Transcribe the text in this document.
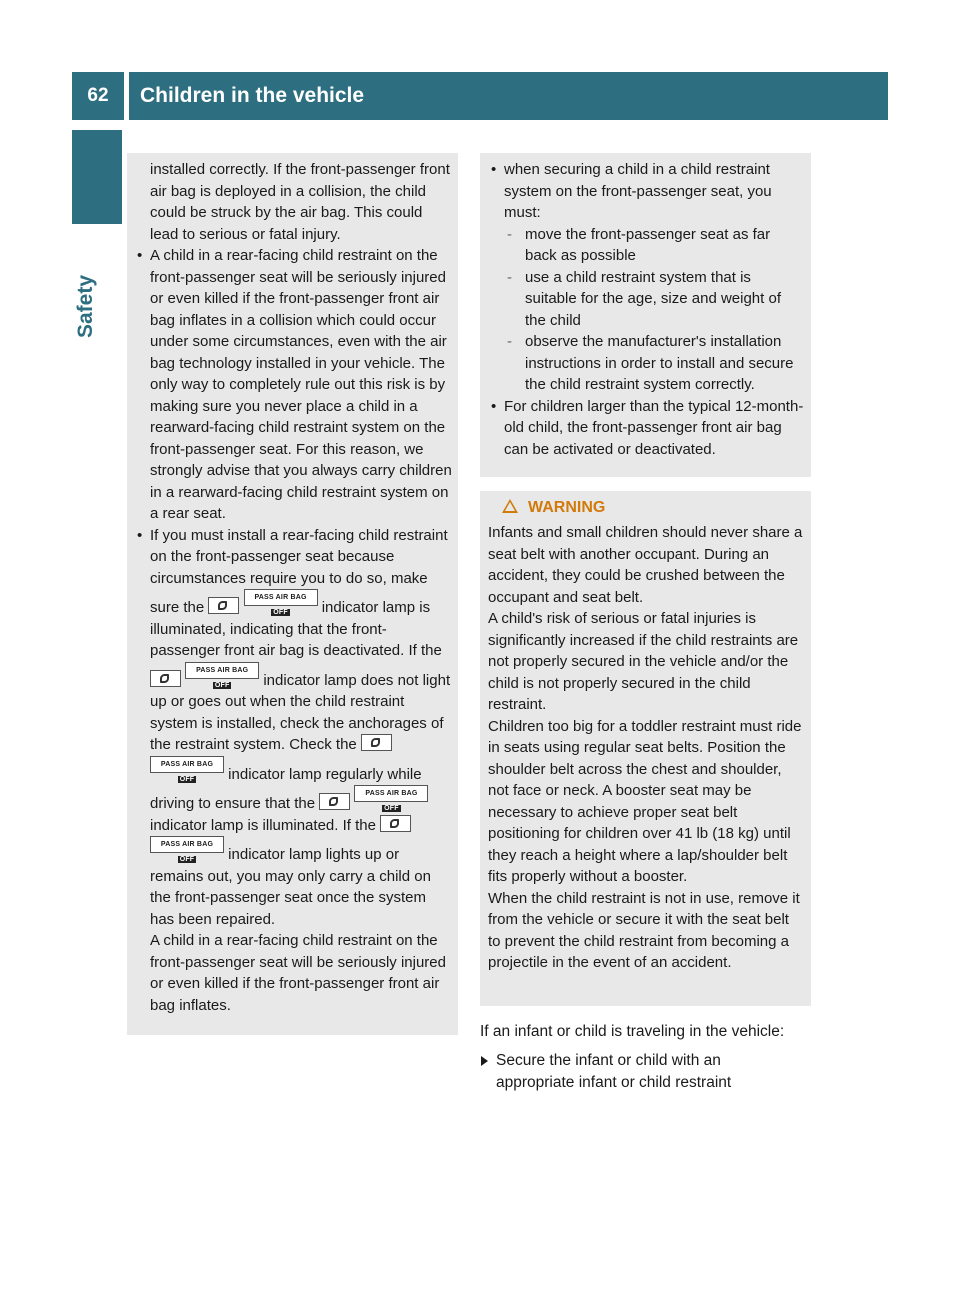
62	Children in the vehicle
Safety

installed correctly. If the front-passenger front air bag is deployed in a collision, the child could be struck by the air bag. This could lead to serious or fatal injury.

• A child in a rear-facing child restraint on the front-passenger seat will be seriously injured or even killed if the front-passenger front air bag inflates in a collision which could occur under some circumstances, even with the air bag technology installed in your vehicle. The only way to completely rule out this risk is by making sure you never place a child in a rearward-facing child restraint system on the front-passenger seat. For this reason, we strongly advise that you always carry children in a rearward-facing child restraint system on a rear seat.

• If you must install a rear-facing child restraint on the front-passenger seat because circumstances require you to do so, make sure the  PASS AIR BAG OFF indicator lamp is illuminated, indicating that the front-passenger front air bag is deactivated. If the  PASS AIR BAG OFF indicator lamp does not light up or goes out when the child restraint system is installed, check the anchorages of the restraint system. Check the  PASS AIR BAG OFF indicator lamp regularly while driving to ensure that the  PASS AIR BAG OFF indicator lamp is illuminated. If the  PASS AIR BAG OFF indicator lamp lights up or remains out, you may only carry a child on the front-passenger seat once the system has been repaired.

A child in a rear-facing child restraint on the front-passenger seat will be seriously injured or even killed if the front-passenger front air bag inflates.

• when securing a child in a child restraint system on the front-passenger seat, you must:

- move the front-passenger seat as far back as possible

- use a child restraint system that is suitable for the age, size and weight of the child

- observe the manufacturer's installation instructions in order to install and secure the child restraint system correctly.

• For children larger than the typical 12-month-old child, the front-passenger front air bag can be activated or deactivated.

WARNING

Infants and small children should never share a seat belt with another occupant. During an accident, they could be crushed between the occupant and seat belt.

A child's risk of serious or fatal injuries is significantly increased if the child restraints are not properly secured in the vehicle and/or the child is not properly secured in the child restraint.

Children too big for a toddler restraint must ride in seats using regular seat belts. Position the shoulder belt across the chest and shoulder, not face or neck. A booster seat may be necessary to achieve proper seat belt positioning for children over 41 lb (18 kg) until they reach a height where a lap/shoulder belt fits properly without a booster.

When the child restraint is not in use, remove it from the vehicle or secure it with the seat belt to prevent the child restraint from becoming a projectile in the event of an accident.

If an infant or child is traveling in the vehicle:

Secure the infant or child with an appropriate infant or child restraint
